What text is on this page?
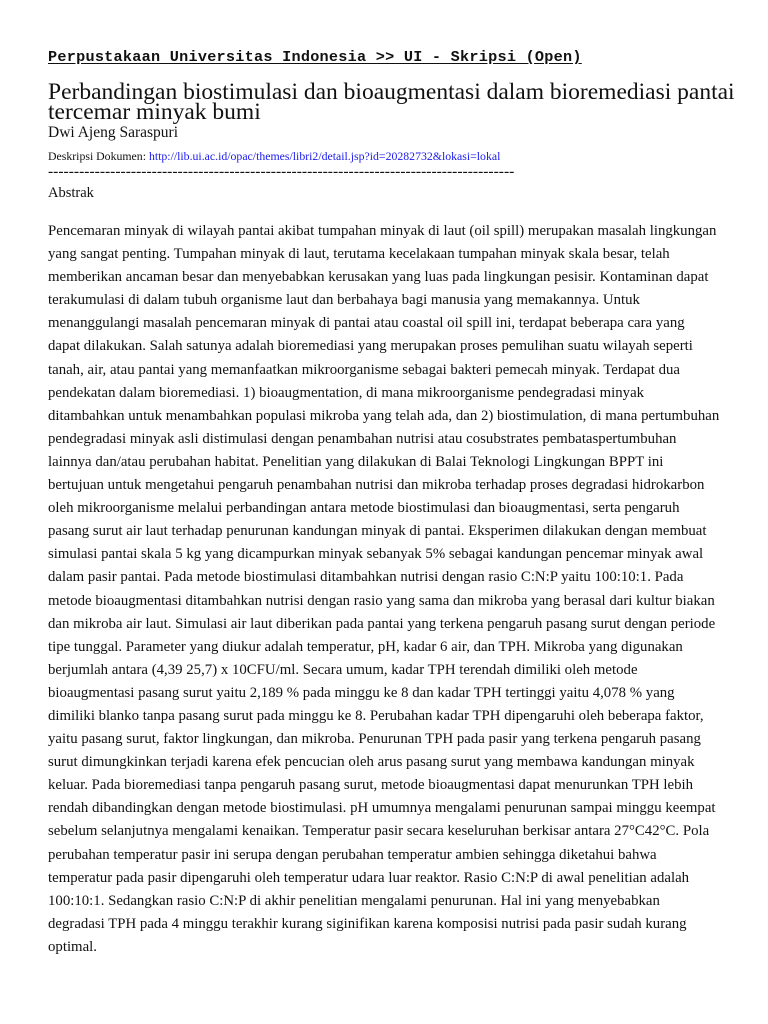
Perpustakaan Universitas Indonesia >> UI - Skripsi (Open)
Perbandingan biostimulasi dan bioaugmentasi dalam bioremediasi pantai tercemar minyak bumi
Dwi Ajeng Saraspuri
Deskripsi Dokumen: http://lib.ui.ac.id/opac/themes/libri2/detail.jsp?id=20282732&lokasi=lokal
------------------------------------------------------------------------------------------
Abstrak

Pencemaran minyak di wilayah pantai akibat tumpahan minyak di laut (oil spill) merupakan masalah lingkungan yang sangat penting. Tumpahan minyak di laut, terutama kecelakaan tumpahan minyak skala besar, telah memberikan ancaman besar dan menyebabkan kerusakan yang luas pada lingkungan pesisir. Kontaminan dapat terakumulasi di dalam tubuh organisme laut dan berbahaya bagi manusia yang memakannya. Untuk menanggulangi masalah pencemaran minyak di pantai atau coastal oil spill ini, terdapat beberapa cara yang dapat dilakukan. Salah satunya adalah bioremediasi yang merupakan proses pemulihan suatu wilayah seperti tanah, air, atau pantai yang memanfaatkan mikroorganisme sebagai bakteri pemecah minyak. Terdapat dua pendekatan dalam bioremediasi. 1) bioaugmentation, di mana mikroorganisme pendegradasi minyak ditambahkan untuk menambahkan populasi mikroba yang telah ada, dan 2) biostimulation, di mana pertumbuhan pendegradasi minyak asli distimulasi dengan penambahan nutrisi atau cosubstrates pembataspertumbuhan lainnya dan/atau perubahan habitat. Penelitian yang dilakukan di Balai Teknologi Lingkungan BPPT ini bertujuan untuk mengetahui pengaruh penambahan nutrisi dan mikroba terhadap proses degradasi hidrokarbon oleh mikroorganisme melalui perbandingan antara metode biostimulasi dan bioaugmentasi, serta pengaruh pasang surut air laut terhadap penurunan kandungan minyak di pantai. Eksperimen dilakukan dengan membuat simulasi pantai skala 5 kg yang dicampurkan minyak sebanyak 5% sebagai kandungan pencemar minyak awal dalam pasir pantai. Pada metode biostimulasi ditambahkan nutrisi dengan rasio C:N:P yaitu 100:10:1. Pada metode bioaugmentasi ditambahkan nutrisi dengan rasio yang sama dan mikroba yang berasal dari kultur biakan dan mikroba air laut. Simulasi air laut diberikan pada pantai yang terkena pengaruh pasang surut dengan periode tipe tunggal. Parameter yang diukur adalah temperatur, pH, kadar 6 air, dan TPH. Mikroba yang digunakan berjumlah antara (4,39 25,7) x 10CFU/ml. Secara umum, kadar TPH terendah dimiliki oleh metode bioaugmentasi pasang surut yaitu 2,189 % pada minggu ke 8 dan kadar TPH tertinggi yaitu 4,078 % yang dimiliki blanko tanpa pasang surut pada minggu ke 8. Perubahan kadar TPH dipengaruhi oleh beberapa faktor, yaitu pasang surut, faktor lingkungan, dan mikroba. Penurunan TPH pada pasir yang terkena pengaruh pasang surut dimungkinkan terjadi karena efek pencucian oleh arus pasang surut yang membawa kandungan minyak keluar. Pada bioremediasi tanpa pengaruh pasang surut, metode bioaugmentasi dapat menurunkan TPH lebih rendah dibandingkan dengan metode biostimulasi. pH umumnya mengalami penurunan sampai minggu keempat sebelum selanjutnya mengalami kenaikan. Temperatur pasir secara keseluruhan berkisar antara 27°C42°C. Pola perubahan temperatur pasir ini serupa dengan perubahan temperatur ambien sehingga diketahui bahwa temperatur pada pasir dipengaruhi oleh temperatur udara luar reaktor. Rasio C:N:P di awal penelitian adalah 100:10:1. Sedangkan rasio C:N:P di akhir penelitian mengalami penurunan. Hal ini yang menyebabkan degradasi TPH pada 4 minggu terakhir kurang siginifikan karena komposisi nutrisi pada pasir sudah kurang optimal.
